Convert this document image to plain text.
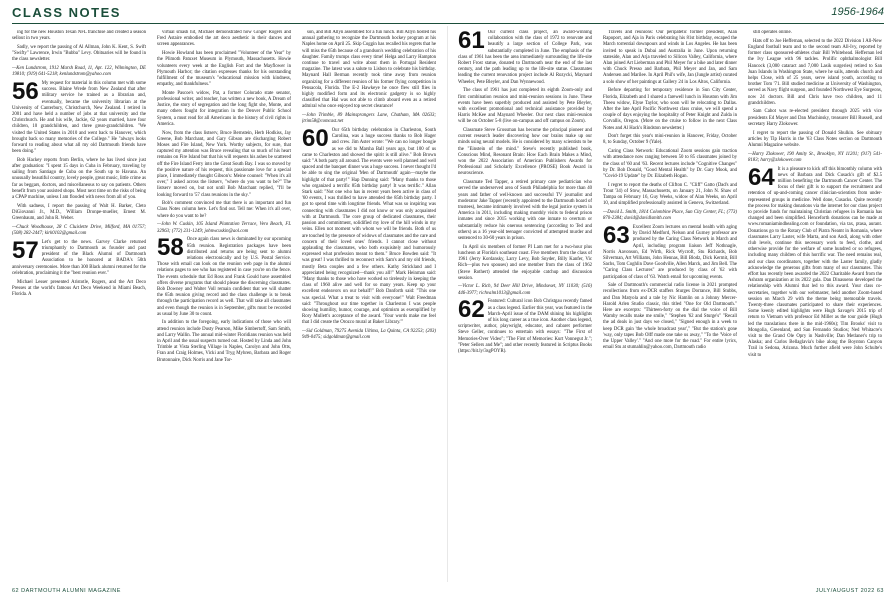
CLASS NOTES	1956-1964

ing for the new Houston Texan NFL franchise and created a season sellout in two years.

Sadly, we report the passing of Al Allman, John K. Kent, S. Swift "Swifty" Lawrence, Irwin "Bubba" Levy. Obituaries will be found in the class newsletter.

—Ken Lundstrom, 1912 Marsh Road, 11, Apt. 122, Wilmington, DE 19810; (919) 641-5218; kenlundstrom@yahoo.com

56 My request for material in this column met with some success. Blaine Wrede from New Zealand that after military service he trained as a librarian and, eventually, became the university librarian at the University of Canterbury, Christchurch, New Zealand. I retired in 2001 and have held a number of jobs at that university and the Christchurch. He and his wife, Jackie, 62 years married, have four children, 10 grandchildren, and three great-grandchildren. "We visited the United States in 2010 and went back to Hanover, which brought back so many memories of the College." He "always looks forward to reading about what all my old Dartmouth friends have been doing."

Bob Hackey reports from Berlin, where he has lived since just after graduation: "I spent 15 days in Cuba in February, traveling by sailing from Santiago de Cuba on the South up to Havana. An unusually beautiful country, lovely people, great music, little crime as far as beggars, doctors, and miscellaneous to say on patients. Others benefit from your assisted shops. Most next time on the risks of being a CPAP machine, unless I am flooded with news from all of you.

With sadness, I report the passing of Walt H. Barker, Cleto DiGiovanni Jr., M.D., William Dronpe-mueller, Ernest M. Greenbaum, and John R. Weber.

—Chuck Woodhouse, 28 C Cluislette Drive, Milford, MA 01757; (508) 282-2447; kirk0102@gmail.com

57 Let's get to the news. Garvey Clarke returned triumphantly to Dartmouth as founder and past president of the Black Alumni of Dartmouth Association to be honored at BADA's 50th anniversary ceremonies. More than 300 Black alumni returned for the celebration, proclaiming it the "best reunion ever."

Michael Lesser presented Aristotle, Rogers, and the Art Deco Presses at the world's famous Art Deco Weekend in Miami Beach, Florida. A

virtual smash hit, Michael demonstrated how Ginger Rogers and Fred Astaire embodied the art deco aesthetic in their dances and screen appearances.

Howie Howland has been proclaimed "Volunteer of the Year" by the Plimoth Patuxet Museum in Plymouth, Massachusetts. Howie volunteers every week at the English Fort and the Mayflower in Plymouth Harbor; the citation expresses thanks for his outstanding fulfillment of the museum's "educational mission with kindness, empathy, and thankfulness."

Monte Pascoe's widow, Pat, a former Colorado state senator, professional writer, and teacher, has written a new book, A Dream of Justice, the story of segregation and the long fight she, Monte, and many others fought for integration in the Denver Public School System, a must read for all Americans in the history of civil rights in America.

Now, from the class listserv, Bruce Bernstein, Herb Hodkiss, Jay Greene, Bob Marchant, and Gary Gibson are discharging Robert Moses and Fire Island, New York. Worthy subjects, for sure, that captured my attention was Bruce revealing that so much of his heart remains on Fire Island but that his will requests his ashes be scattered off the Fire Island Ferry into the Great South Bay. I was so moved by the positive nature of his request, this passionate love for a special place, I immediately thought Gibson's: Meine counsel: "When it's all over," I asked across the listserv, "where do you want to be?" The listserv moved on, but not until Bob Marchant replied, "I'll be looking forward to '57 class reunions in the sky."

Bob's comment convinced me that there is an important and fun Class Notes column here. Let's find out. Tell me: When it's all over, where do you want to be?

—John W. Cuskin, 105 Island Plantation Terrace, Vero Beach, FL 32963; (772) 231-1249; johnwcuskin@aol.com

58 Once again class news is dominated by our upcoming 65th reunion. Registration packages have been distributed and returns are being sent to alumni relations electronically and by U.S. Postal Service. Those with email can look on the reunion web page in the alumni relations pages to see who has registered in case you're on the fence. The events schedule that Ed Ross and Frank Gould have assembled offers diverse programs that should please the discerning classmates. Bob Downey and Walter Voll remain confident that we will shatter the 65th reunion giving record and the class challenge is to break through the participation record as well. That will take all classmates and even though the reunion is in September, gifts must be recorded as usual by June 30 to count.

In addition to the foregoing, early indications of those who will attend reunion include Dusty Pearson, Mike Simbertoff, Sam Smith, and Larry Wallin. The annual mid-winter Floridians reunion was held in April and the usual suspects turned out. Hosted by Linda and John Trimble at Vista Sterling Village in Naples, Carolyn and John Otts, Fran and Craig Holmes, Vicki and Tryg Myhren, Barbara and Roger Brutonnaire, Dick Norris and Jane Tor-

son, and Bill Allyn assembled for a fun lunch. Bill Allyn hosted his annual gathering to recognize the Dartmouth hockey program at his Naples home on April 25. Skip Coggin has recalled his regrets that he will miss the 65th because of a grandson's wedding celebration of his daughter. Family trumps class every time! Helga and Larry Hampton continue to travel and write about them in Portugal Resident magazine. The latest was a salute to Lisbon to celebrate his birthday. Maynard Hall Berman recently took time away from reunion organizing for a different reunion of his former flying competition in Pensacola, Florida. The E-2 Hawkeye he once flew still flies in highly modified form and its electronic gadgetry is so highly classified that Hal was not able to climb aboard even as a retired admiral who once enjoyed top secret clearance!

—John Trimble, 89 Mainsprangers Lane, Chatham, MA 02633; jtrim58@comcast.net

60 Our 65th birthday celebration in Charleston, South Carolina, was a huge success thanks to Bob Hager and crew. Jim Aster wrote: "We can no longer boogie as we did to Marsha Ball years ago, but 100 of us came to Charleston and showed the spirit is still alive." Bob Brown said: "A both party all around. The events were well planned and well spaced and the banquet dinner was a huge success. I never thought I'd be able to sing the original 'Men of Dartmouth' again—maybe the highlight of that party!" Hap Dunning said: "Many thanks to those who organized a terrific 85th birthday party! It was terrific." Allan Stark said: "Not one who has in recent years been active in class of '60 events, I was thrilled to have attended the 85th birthday party. I got to spend time with longtime friends. What was so inspiring was connecting with classmates I did not know or was only acquainted with at Dartmouth. The core group of dedicated classmates, their passion and commitment, solidified my love of the hill winds in my veins. Ellen not moment with whom we will be friends. Both of us are touched by the presence of widows of classmates and the care and concern of their loved ones' friends. I cannot close without applauding the classmates, who both exquisitely and humorously expressed what profession meant to them." Bruce Bowden said: "It was great! I was thrilled to reconnect with Sam's and my old friends, mostly Beta couples and a few others. Kathy Strickland and I appreciated being recognized—thank you all!" Mark Heinman said: "Many thanks to those who have worked so tirelessly in keeping the class of 1960 alive and well for so many years. Keep up your excellent endeavors on our behalf!" Bob Danforth said: "This one was special. What a treat to visit with everyone!" Walt Freedman said: "Throughout our time together in Charleston I was people showing humility, humor, courage, and optimism as exemplified by Rory Mullett's acceptance of the award. 'Your words make me feel that I did create the Orozco mural at Baker Library.'"

—Sid Goldman, 79275 Avenida Ultima, La Quinta, CA 92253; (203) 949-0475; sidgoldman@gmail.com

61 Our current class project, an award-winning collaboration with the class of 1972 to renovate and beautify a large section of College Park, was substantially completed in June. The emphasis of the class of 1961 has been the area immediately surrounding the life-site Robert Frost statue, donated to Dartmouth near the end of the last century, and the path leading up to the life-site statue. Classmates leading the current renovation project include Al Rozycki, Maynard Wheeler, Pete Bleyler, and Dan Wynnewood.

The class of 1961 has just completed its eighth Zoom-only and first combination reunion and mini-reunion sessions in June. These events have been superbly produced and assisted by Pete Bleyler, with excellent promotional and technical assistance provided by Harris McKee and Maynard Wheeler. Our next class mini-reunion will be on October 5-8 (live on-campus and off campus on Zoom).

Classmate Steve Grossman has become the principal pioneer and current research leader discovering how our brains make up our minds using neural models. He is considered by many scientists to be the "Einstein of the mind." Steve's recently published book, Conscious Mind, Resonant Brain: How Each Brain Makes a Mind, won the 2022 Association of American Publishers Awards for Professional and Scholarly Excellence (PROSE) Book Award in neuroscience.

Classmate Ted Tapper, a retired primary care pediatrician who served the underserved area of South Philadelphia for more than 40 years and father of well-known and successful TV journalist and moderator Jake Tapper (recently appointed to the Dartmouth board of trustees), became intimately involved with the legal justice system in America in 2011, including making monthly visits to federal prison inmates and since 2015 working with one inmate to overturn or substantially reduce his onerous sentencing (according to Ted and others) as a 16 year-old teenager convicted of attempted murder and sentenced to 30-60 years in prison.

In April six members of former PI Lam met for a two-hour plus luncheon at Florida's southeast coast. Five members from the class of 1961 (Jerry Kordansky, Larry Levy, Bob Snyder, Billy Kanfer, Vic Rich—plus two spouses) and one member from the class of 1962 (Steve Rothert) attended the enjoyable catchup and discussion session.

—Victor L. Rich, 94 Deer Hill Drive, Mindseset, NY 11030; (516) 446-3977; richvalm1013@gmail.com

62 Featured: Cultural icon Bob Christgau recently famed as a class legend. Earlier this year, was featured in the March-April issue of the DAM shining his highlights of his long career as a true icon. Another class legend, scriptwriter, author, playwright, educator, and cabaret performer Steve Geller, continues to entertain with essays: "The First of Memories-Over Video"; "The First of Memories: Kurt Vonnegut Jr."; "Peter Sellers and Me"; and other recently featured in Scriptus Books (https://bit.ly/3sgPOYR).

Travels and reunions: Our peripatetic former president, Alan Rapoport, and Aja in Paris celebrating his 81st birthday, escaped the March torrential downpours and winds in Los Angeles. He has been invited to speak in Dubai and Australia in June. Upon returning stateside, Alan and Arja traveled to Silicon Valley, California, where Alan joined Art Lieberman and Phil Meyer for a bike and later dinner with Chuck Presso and Barbara, Phil Meyer and Jan, and Sam Andersen and Marilee. In April Phil's wife, Jan (Jungle artist) curated a solo show of her paintings at Gallery 24 in Los Altos, California.

Before departing for temporary residence in Sun City Center, Florida, Elizabeth and I shared a farewell lunch in Houston with Jim Theeu widow, Elyse Taylor, who soon will be relocating to Dallas. After the late April Pacific Northwest class cruise, we will spend a couple of days enjoying the hospitality of Peter Knight and Zulda in Corvallis, Oregon. (More on the cruise to follow in the next Class Notes and Al Hack's Rindston newsletter.)

Don't forget this year's mini-reunion in Hanover, Friday, October 8, to Sunday, October 9 (Yale).

Caring Class Network: Educational Zoom sessions gain traction with attendance now ranging between 50 to 85 classmates joined by the class of '60 and '63. Recent lectures include "Cognitive Changes" by Dr. Bob Donald, "Good Mental Health" by Dr. Gary Mook, and "Covid-19 Update" by Dr. Elizabeth Hogan.

I regret to report the deaths of Clifton C. "Cliff" Gatto (Dad's and Trout '34) of Stow, Massachusetts, on January 21, John N. Shaw of Tampa on February 16, Guy Weeks, widow of Alan Weeks, on April 10, and simplified professionally assisted in Geneva, Switzerland.

—David L. Smith, 1814 Colombine Place, Sun City Center, FL; (773) 870-2384; david@davidlsmith.com

63 Excellent Zoom lectures on mental health with aging by David Medford, Nelson and Gurney professor are produced by the Caring Class Network in March and April, including program liaison Jeff Nothnagle, Norris Aavonson, Ed Wirth, Rick Wycroft, Stu Richards, Bob Silverman, Art Williams, John Hennas, Bill Blodz, Dick Kermit, Bill Sachs, Tom Coghlin Dave Goodville, Allen Marck, and Jim Bell. The "Caring Class Lectures" are produced by class of '62 with participation of class of '63. Watch email for upcoming events.

Sale of Dartmouth's commercial radio license in 2021 prompted recollections from ex-DCR staffers Sturges Dorrance, Bill Stubbs, and Dan Matyola and a tale by Nic Hamlin on a Johnny Mercer-Harold Arlen Studio classic, this titled "One for Old Dartmouth." Here are excerpts: "Thirteen-forty on the dial the voice of Bill Wamby recalls make me smile," "Stephen '62 and Sturge's" "Recall the ad deals in just days we closed," "Signed enough in a week to keep DCR gain 'the whole broadcast year'," "But the station's gone 'way, only tapes Bob Olff made one take us away," "To the 'Voice of the Upper Valley'." "And one more for the road." For entire lyrics, email Stu at stumahlin@yahoo.com, Dartmouth radio

still operates online.

Hats off to Joe Heffernan, selected to the 2022 Division I All-New England football team and to the second team All-Ivy, reported by former class sponsored-athletes chair Bill Whitehead. Heffernan led the Ivy League with 96 tackles. Prolific ophthalmologist Bill Hancock (3,000 cataract and 7,000 Lasik surgeries) retired to San Juan Islands in Washington State, where he sails, attends church and helps Close, with of 25 years, serve island youth, according to brother Tom '71. Bill studied medicine at University of Washington, served as Navy flight surgeon, and founded Northwest Eye Surgeons, now 24 doctors. Bill and Chris have two children, and 11 grandchildren.

Sam Cabot was re-elected president through 2025 with vice presidents Ed Mayer and Dan Muchinsky, treasurer Bill Russell, and secretary Harry Zlokower.

I regret to report the passing of Donald Shulkin. See obituary articles by Tip Harris in the '63 Class Notes section on Dartmouth Alumni Magazine website.

—Harry Zlokower, 190 Amity St., Brooklyn, NY 11201; (917) 541-8183; harry@zlokower.com

64 It is a pleasure to kick off this bimonthly column with news of Barbara and Dick Cusack's gift of $2.5 million benefiting the Dartmouth Cancer Center. The focus of their gift is to support the recruitment and retention of up-and-coming cancer clinician-scientists from under-represented groups in medicine. Well done, Cusacks. Quite recently the process for making donations via the internet for our class project to provide funds for maintaining Christian refugees in Romania has changed and been simplified. Henceforth donations can be made at www.romaniamindhealing.com or foundation, via tax, ptasa, aurant. Donations go to the Rotary Club of Piatra Neamt in Romania, where classmates Larry Laster, wife Marta, and son Andi, along with other club levels, continue this necessary work to feed, clothe, and otherwise provide for the welfare of some hundred or so refugees, including many children of this horrific war. The need remains real, and our class coordinators, together with the Laster family, gladly acknowledge the generous gifts from many of our classmates. This effort has recently been awarded the 2022 Charitable Award from the Ashram organization at its 2022 gala. Dan Dinasueno developed the relationship with Alumni that led to this award. Your class co-secretaries, together with our webmaster, held another Zoom-based session on March 29 with the theme being memorable travels. Twenty-three classmates participated to share their experiences. Some keenly edited highlights were Hugh Savage's 2015 trip of return to Vietnam with professor Ed Miller as the tour guide (Hugh led the translations there in the mid-1960s); Tim Brooks' visit to Mongolia, Greenland, and San Fernando Studios; Ned Whitacre's visit to the Grand Ole Opry in Nashville; Dan Metlaner's trip to Alaska; and Carlos Bellaglavia's bike along the Boynton Canyon Trail in Sedona, Arizona. Much further afield were John Schulte's visit to

62 DARTMOUTH ALUMNI MAGAZINE	JULY/AUGUST 2022 63
